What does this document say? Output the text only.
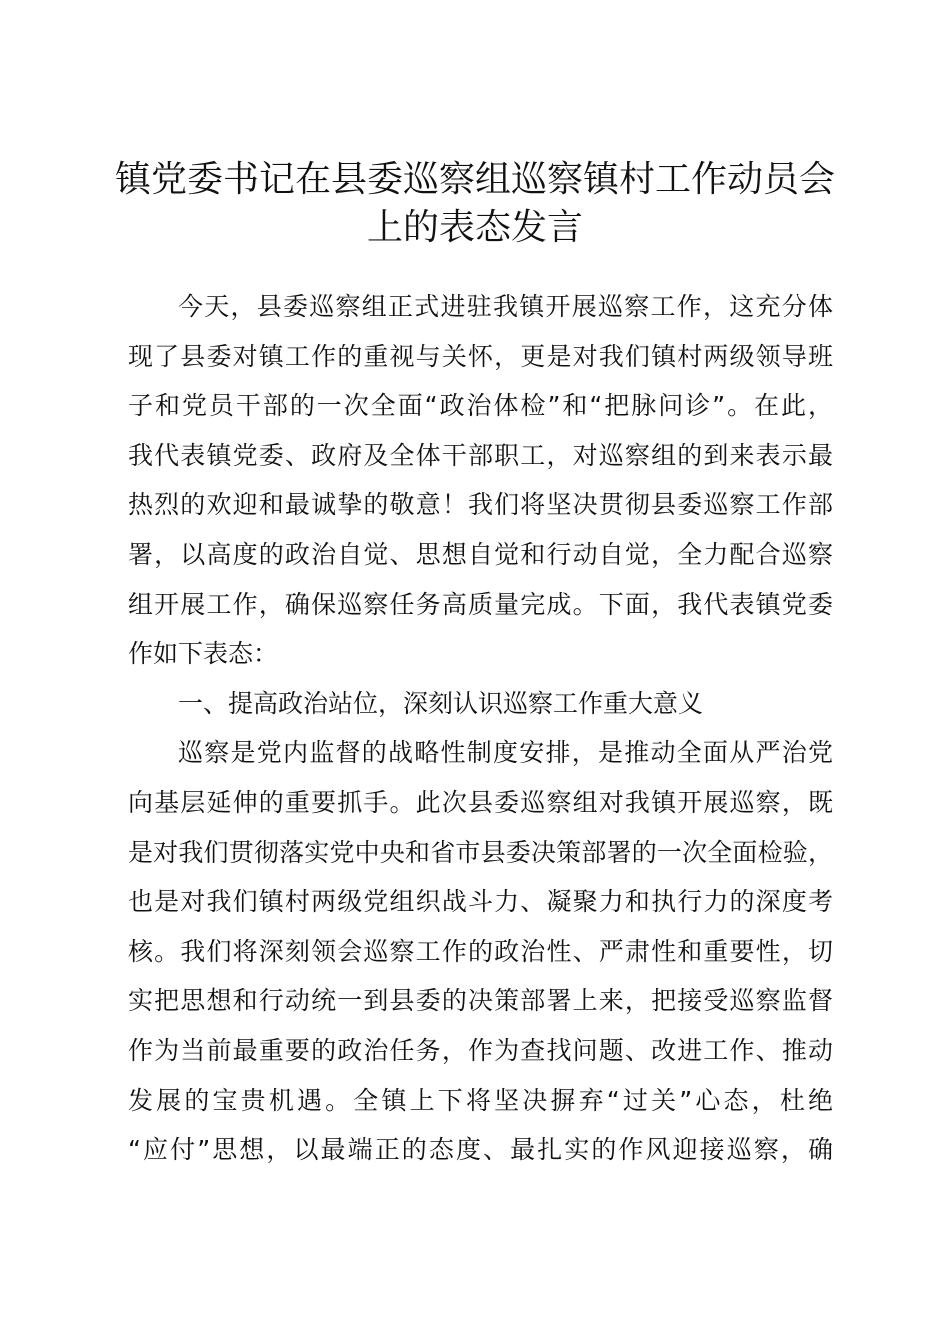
镇党委书记在县委巡察组巡察镇村工作动员会
上的表态发言
今天，县委巡察组正式进驻我镇开展巡察工作，这充分体
现了县委对镇工作的重视与关怀，更是对我们镇村两级领导班
子和党员干部的一次全面“政治体检”和“把脉问诊”。在此，
我代表镇党委、政府及全体干部职工，对巡察组的到来表示最
热烈的欢迎和最诚挚的敬意！我们将坚决贯彻县委巡察工作部
署，以高度的政治自觉、思想自觉和行动自觉，全力配合巡察
组开展工作，确保巡察任务高质量完成。下面，我代表镇党委
作如下表态：
一、提高政治站位，深刻认识巡察工作重大意义
巡察是党内监督的战略性制度安排，是推动全面从严治党
向基层延伸的重要抓手。此次县委巡察组对我镇开展巡察，既
是对我们贯彻落实党中央和省市县委决策部署的一次全面检验，
也是对我们镇村两级党组织战斗力、凝聚力和执行力的深度考
核。我们将深刻领会巡察工作的政治性、严肃性和重要性，切
实把思想和行动统一到县委的决策部署上来，把接受巡察监督
作为当前最重要的政治任务，作为查找问题、改进工作、推动
发展的宝贵机遇。全镇上下将坚决摒弃“过关”心态，杜绝
“应付”思想，以最端正的态度、最扎实的作风迎接巡察，确
